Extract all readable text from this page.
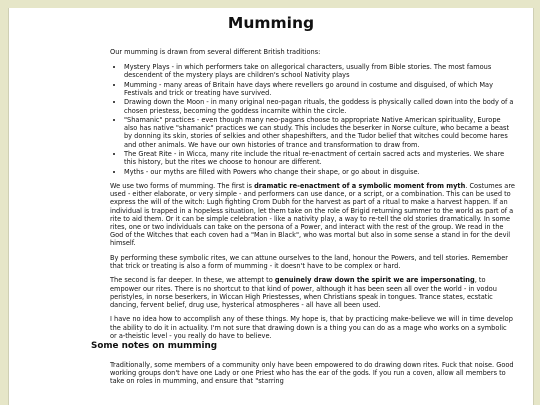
Mumming

Our mumming is drawn from several different British traditions:

• Mystery Plays - in which performers take on allegorical characters, usually from Bible stories. The most famous descendent of the mystery plays are children's school Nativity plays
• Mumming - many areas of Britain have days where revellers go around in costume and disguised, of which May Festivals and trick or treating have survived.
• Drawing down the Moon - in many original neo-pagan rituals, the goddess is physically called down into the body of a chosen priestess, becoming the goddess incarnite within the circle.
• "Shamanic" practices - even though many neo-pagans choose to appropriate Native American spirituality, Europe also has native "shamanic" practices we can study. This includes the beserker in Norse culture, who became a beast by donning its skin, stories of selkies and other shapeshifters, and the Tudor belief that witches could become hares and other animals. We have our own histories of trance and transformation to draw from.
• The Great Rite - in Wicca, many rite include the ritual re-enactment of certain sacred acts and mysteries. We share this history, but the rites we choose to honour are different.
• Myths - our myths are filled with Powers who change their shape, or go about in disguise.

We use two forms of mumming. The first is dramatic re-enactment of a symbolic moment from myth. Costumes are used - either elaborate, or very simple - and performers can use dance, or a script, or a combination. This can be used to express the will of the witch: Lugh fighting Crom Dubh for the harvest as part of a ritual to make a harvest happen. If an individual is trapped in a hopeless situation, let them take on the role of Brigid returning summer to the world as part of a rite to aid them. Or it can be simple celebration - like a nativity play, a way to re-tell the old stories dramatically. In some rites, one or two individuals can take on the persona of a Power, and interact with the rest of the group. We read in the God of the Witches that each coven had a "Man in Black", who was mortal but also in some sense a stand in for the devil himself.

By performing these symbolic rites, we can attune ourselves to the land, honour the Powers, and tell stories. Remember that trick or treating is also a form of mumming - it doesn't have to be complex or hard.

The second is far deeper. In these, we attempt to genuinely draw down the spirit we are impersonating, to empower our rites. There is no shortcut to that kind of power, although it has been seen all over the world - in vodou peristyles, in norse beserkers, in Wiccan High Priestesses, when Christians speak in tongues. Trance states, ecstatic dancing, fervent belief, drug use, hysterical atmospheres - all have all been used.

I have no idea how to accomplish any of these things. My hope is, that by practicing make-believe we will in time develop the ability to do it in actuality. I'm not sure that drawing down is a thing you can do as a mage who works on a symbolic or a-theistic level - you really do have to believe.

Some notes on mumming

Traditionally, some members of a community only have been empowered to do drawing down rites. Fuck that noise. Good working groups don't have one Lady or one Priest who has the ear of the gods. If you run a coven, allow all members to take on roles in mumming, and ensure that "starring
